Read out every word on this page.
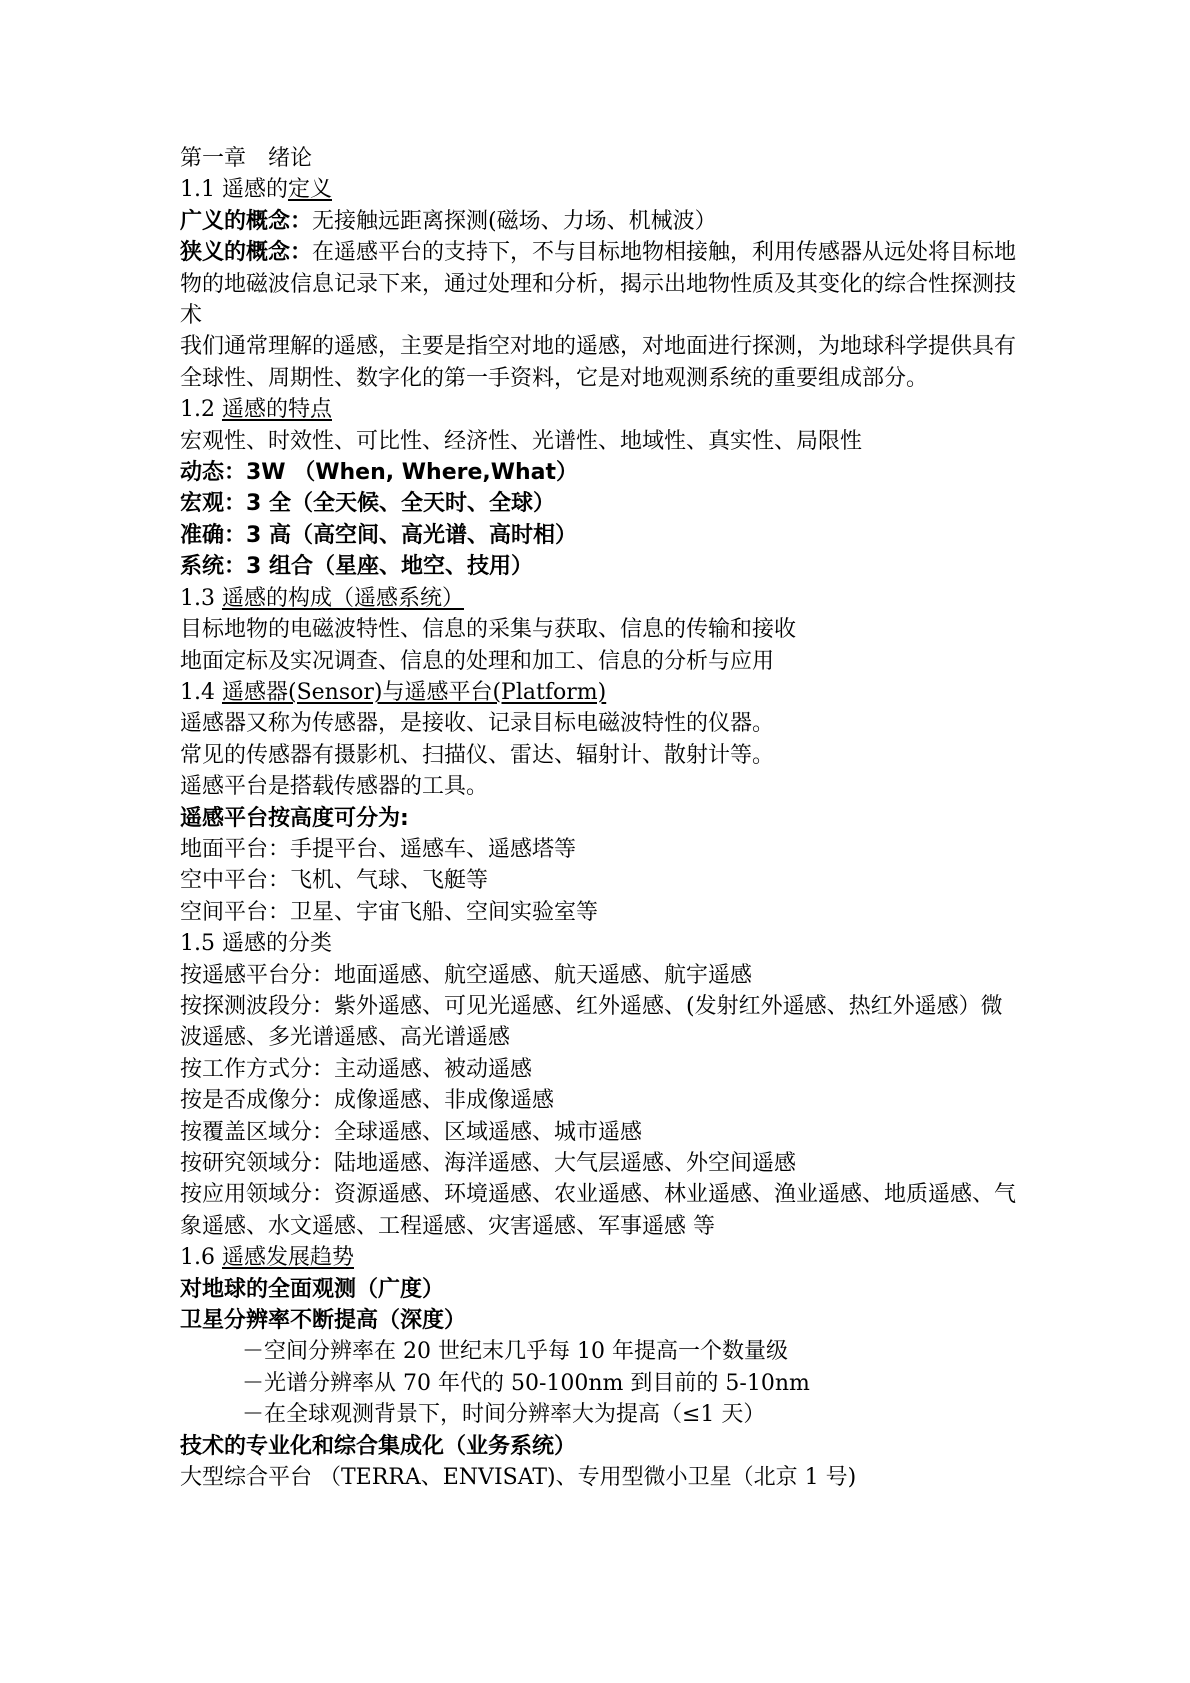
第一章　绪论
1.1 遥感的定义
广义的概念：无接触远距离探测(磁场、力场、机械波）
狭义的概念：在遥感平台的支持下，不与目标地物相接触，利用传感器从远处将目标地物的地磁波信息记录下来，通过处理和分析，揭示出地物性质及其变化的综合性探测技术
我们通常理解的遥感，主要是指空对地的遥感，对地面进行探测，为地球科学提供具有全球性、周期性、数字化的第一手资料，它是对地观测系统的重要组成部分。
1.2 遥感的特点
宏观性、时效性、可比性、经济性、光谱性、地域性、真实性、局限性
动态：3W （When, Where,What）
宏观：3 全（全天候、全天时、全球）
准确：3 高（高空间、高光谱、高时相）
系统：3 组合（星座、地空、技用）
1.3 遥感的构成（遥感系统）
目标地物的电磁波特性、信息的采集与获取、信息的传输和接收
地面定标及实况调查、信息的处理和加工、信息的分析与应用
1.4 遥感器(Sensor)与遥感平台(Platform)
遥感器又称为传感器，是接收、记录目标电磁波特性的仪器。
常见的传感器有摄影机、扫描仪、雷达、辐射计、散射计等。
遥感平台是搭载传感器的工具。
遥感平台按高度可分为:
地面平台：手提平台、遥感车、遥感塔等
空中平台：飞机、气球、飞艇等
空间平台：卫星、宇宙飞船、空间实验室等
1.5 遥感的分类
按遥感平台分：地面遥感、航空遥感、航天遥感、航宇遥感
按探测波段分：紫外遥感、可见光遥感、红外遥感、(发射红外遥感、热红外遥感）微波遥感、多光谱遥感、高光谱遥感
按工作方式分：主动遥感、被动遥感
按是否成像分：成像遥感、非成像遥感
按覆盖区域分：全球遥感、区域遥感、城市遥感
按研究领域分：陆地遥感、海洋遥感、大气层遥感、外空间遥感
按应用领域分：资源遥感、环境遥感、农业遥感、林业遥感、渔业遥感、地质遥感、气象遥感、水文遥感、工程遥感、灾害遥感、军事遥感 等
1.6 遥感发展趋势
对地球的全面观测（广度）
卫星分辨率不断提高（深度）
－空间分辨率在 20 世纪末几乎每 10 年提高一个数量级
－光谱分辨率从 70 年代的 50-100nm 到目前的 5-10nm
－在全球观测背景下，时间分辨率大为提高（≤1 天）
技术的专业化和综合集成化（业务系统）
大型综合平台 （TERRA、ENVISAT)、专用型微小卫星（北京 1 号)
